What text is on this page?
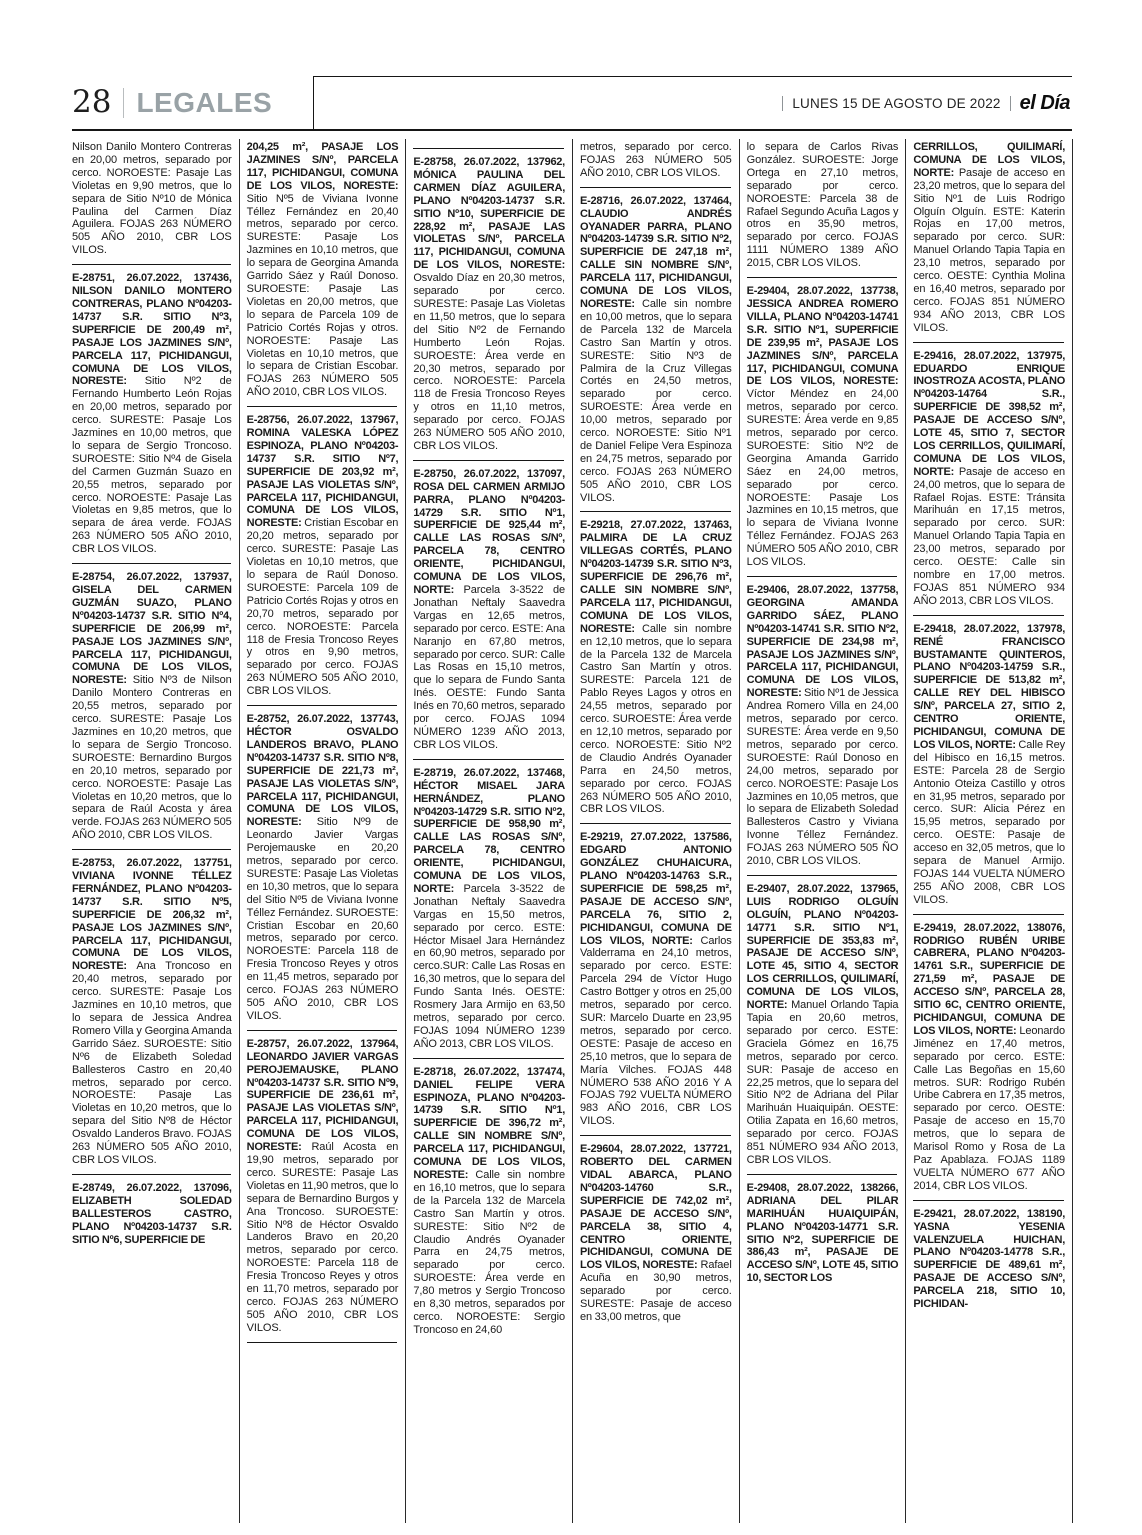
28 LEGALES	LUNES 15 DE AGOSTO DE 2022 el Día

Nilson Danilo Montero Contreras en 20,00 metros, separado por cerco. NOROESTE: Pasaje Las Violetas en 9,90 metros, que lo separa de Sitio Nº10 de Mónica Paulina del Carmen Díaz Aguilera. FOJAS 263 NÚMERO 505 AÑO 2010, CBR LOS VILOS.

E-28751, 26.07.2022, 137436, NILSON DANILO MONTERO CONTRERAS, PLANO Nº04203-14737 S.R. SITIO Nº3, SUPERFICIE DE 200,49 m², PASAJE LOS JAZMINES S/Nº, PARCELA 117, PICHIDANGUI, COMUNA DE LOS VILOS, NORESTE: Sitio Nº2 de Fernando Humberto León Rojas en 20,00 metros, separado por cerco. SURESTE: Pasaje Los Jazmines en 10,00 metros, que lo separa de Sergio Troncoso. SUROESTE: Sitio Nº4 de Gisela del Carmen Guzmán Suazo en 20,55 metros, separado por cerco. NOROESTE: Pasaje Las Violetas en 9,85 metros, que lo separa de área verde. FOJAS 263 NÚMERO 505 AÑO 2010, CBR LOS VILOS.

E-28754, 26.07.2022, 137937, GISELA DEL CARMEN GUZMÁN SUAZO, PLANO Nº04203-14737 S.R. SITIO Nº4, SUPERFICIE DE 206,99 m², PASAJE LOS JAZMINES S/Nº, PARCELA 117, PICHIDANGUI, COMUNA DE LOS VILOS, NORESTE: Sitio Nº3 de Nilson Danilo Montero Contreras en 20,55 metros, separado por cerco. SURESTE: Pasaje Los Jazmines en 10,20 metros, que lo separa de Sergio Troncoso. SUROESTE: Bernardino Burgos en 20,10 metros, separado por cerco. NOROESTE: Pasaje Las Violetas en 10,20 metros, que lo separa de Raúl Acosta y área verde. FOJAS 263 NÚMERO 505 AÑO 2010, CBR LOS VILOS.

E-28753, 26.07.2022, 137751, VIVIANA IVONNE TÉLLEZ FERNÁNDEZ, PLANO Nº04203-14737 S.R. SITIO Nº5, SUPERFICIE DE 206,32 m², PASAJE LOS JAZMINES S/Nº, PARCELA 117, PICHIDANGUI, COMUNA DE LOS VILOS, NORESTE: Ana Troncoso en 20,40 metros, separado por cerco. SURESTE: Pasaje Los Jazmines en 10,10 metros, que lo separa de Jessica Andrea Romero Villa y Georgina Amanda Garrido Sáez. SUROESTE: Sitio Nº6 de Elizabeth Soledad Ballesteros Castro en 20,40 metros, separado por cerco. NOROESTE: Pasaje Las Violetas en 10,20 metros, que lo separa del Sitio Nº8 de Héctor Osvaldo Landeros Bravo. FOJAS 263 NÚMERO 505 AÑO 2010, CBR LOS VILOS.

E-28749, 26.07.2022, 137096, ELIZABETH SOLEDAD BALLESTEROS CASTRO, PLANO Nº04203-14737 S.R. SITIO Nº6, SUPERFICIE DE

204,25 m², PASAJE LOS JAZMINES S/Nº, PARCELA 117, PICHIDANGUI, COMUNA DE LOS VILOS, NORESTE: Sitio Nº5 de Viviana Ivonne Téllez Fernández en 20,40 metros, separado por cerco. SURESTE: Pasaje Los Jazmines en 10,10 metros, que lo separa de Georgina Amanda Garrido Sáez y Raúl Donoso. SUROESTE: Pasaje Las Violetas en 20,00 metros, que lo separa de Parcela 109 de Patricio Cortés Rojas y otros. NOROESTE: Pasaje Las Violetas en 10,10 metros, que lo separa de Cristian Escobar. FOJAS 263 NÚMERO 505 AÑO 2010, CBR LOS VILOS.

E-28756, 26.07.2022, 137967, ROMINA VALESKA LÓPEZ ESPINOZA, PLANO Nº04203-14737 S.R. SITIO Nº7, SUPERFICIE DE 203,92 m², PASAJE LAS VIOLETAS S/Nº, PARCELA 117, PICHIDANGUI, COMUNA DE LOS VILOS, NORESTE: Cristian Escobar en 20,20 metros, separado por cerco. SURESTE: Pasaje Las Violetas en 10,10 metros, que lo separa de Raúl Donoso. SUROESTE: Parcela 109 de Patricio Cortés Rojas y otros en 20,70 metros, separado por cerco. NOROESTE: Parcela 118 de Fresia Troncoso Reyes y otros en 9,90 metros, separado por cerco. FOJAS 263 NÚMERO 505 AÑO 2010, CBR LOS VILOS.

E-28752, 26.07.2022, 137743, HÉCTOR OSVALDO LANDEROS BRAVO, PLANO Nº04203-14737 S.R. SITIO Nº8, SUPERFICIE DE 221,73 m², PASAJE LAS VIOLETAS S/Nº, PARCELA 117, PICHIDANGUI, COMUNA DE LOS VILOS, NORESTE: Sitio Nº9 de Leonardo Javier Vargas Perojemauske en 20,20 metros, separado por cerco. SURESTE: Pasaje Las Violetas en 10,30 metros, que lo separa del Sitio Nº5 de Viviana Ivonne Téllez Fernández. SUROESTE: Cristian Escobar en 20,60 metros, separado por cerco. NOROESTE: Parcela 118 de Fresia Troncoso Reyes y otros en 11,45 metros, separado por cerco. FOJAS 263 NÚMERO 505 AÑO 2010, CBR LOS VILOS.

E-28757, 26.07.2022, 137964, LEONARDO JAVIER VARGAS PEROJEMAUSKE, PLANO Nº04203-14737 S.R. SITIO Nº9, SUPERFICIE DE 236,61 m², PASAJE LAS VIOLETAS S/Nº, PARCELA 117, PICHIDANGUI, COMUNA DE LOS VILOS, NORESTE: Raúl Acosta en 19,90 metros, separado por cerco. SURESTE: Pasaje Las Violetas en 11,90 metros, que lo separa de Bernardino Burgos y Ana Troncoso. SUROESTE: Sitio Nº8 de Héctor Osvaldo Landeros Bravo en 20,20 metros, separado por cerco. NOROESTE: Parcela 118 de Fresia Troncoso Reyes y otros en 11,70 metros, separado por cerco. FOJAS 263 NÚMERO 505 AÑO 2010, CBR LOS VILOS.

E-28758, 26.07.2022, 137962, MÓNICA PAULINA DEL CARMEN DÍAZ AGUILERA, PLANO Nº04203-14737 S.R. SITIO Nº10, SUPERFICIE DE 228,92 m², PASAJE LAS VIOLETAS S/Nº, PARCELA 117, PICHIDANGUI, COMUNA DE LOS VILOS, NORESTE: Osvaldo Díaz en 20,30 metros, separado por cerco. SURESTE: Pasaje Las Violetas en 11,50 metros, que lo separa del Sitio Nº2 de Fernando Humberto León Rojas. SUROESTE: Área verde en 20,30 metros, separado por cerco. NOROESTE: Parcela 118 de Fresia Troncoso Reyes y otros en 11,10 metros, separado por cerco. FOJAS 263 NÚMERO 505 AÑO 2010, CBR LOS VILOS.

E-28750, 26.07.2022, 137097, ROSA DEL CARMEN ARMIJO PARRA, PLANO Nº04203-14729 S.R. SITIO Nº1, SUPERFICIE DE 925,44 m², CALLE LAS ROSAS S/Nº, PARCELA 78, CENTRO ORIENTE, PICHIDANGUI, COMUNA DE LOS VILOS, NORTE: Parcela 3-3522 de Jonathan Neftaly Saavedra Vargas en 12,65 metros, separado por cerco. ESTE: Ana Naranjo en 67,80 metros, separado por cerco. SUR: Calle Las Rosas en 15,10 metros, que lo separa de Fundo Santa Inés. OESTE: Fundo Santa Inés en 70,60 metros, separado por cerco. FOJAS 1094 NÚMERO 1239 AÑO 2013, CBR LOS VILOS.

E-28719, 26.07.2022, 137468, HÉCTOR MISAEL JARA HERNÁNDEZ, PLANO Nº04203-14729 S.R. SITIO Nº2, SUPERFICIE DE 958,90 m², CALLE LAS ROSAS S/Nº, PARCELA 78, CENTRO ORIENTE, PICHIDANGUI, COMUNA DE LOS VILOS, NORTE: Parcela 3-3522 de Jonathan Neftaly Saavedra Vargas en 15,50 metros, separado por cerco. ESTE: Héctor Misael Jara Hernández en 60,90 metros, separado por cerco.SUR: Calle Las Rosas en 16,30 metros, que lo separa del Fundo Santa Inés. OESTE: Rosmery Jara Armijo en 63,50 metros, separado por cerco. FOJAS 1094 NÚMERO 1239 AÑO 2013, CBR LOS VILOS.

E-28718, 26.07.2022, 137474, DANIEL FELIPE VERA ESPINOZA, PLANO Nº04203-14739 S.R. SITIO Nº1, SUPERFICIE DE 396,72 m², CALLE SIN NOMBRE S/Nº, PARCELA 117, PICHIDANGUI, COMUNA DE LOS VILOS, NORESTE: Calle sin nombre en 16,10 metros, que lo separa de la Parcela 132 de Marcela Castro San Martín y otros. SURESTE: Sitio Nº2 de Claudio Andrés Oyanader Parra en 24,75 metros, separado por cerco. SUROESTE: Área verde en 7,80 metros y Sergio Troncoso en 8,30 metros, separados por cerco. NOROESTE: Sergio Troncoso en 24,60

metros, separado por cerco. FOJAS 263 NÚMERO 505 AÑO 2010, CBR LOS VILOS.

E-28716, 26.07.2022, 137464, CLAUDIO ANDRÉS OYANADER PARRA, PLANO Nº04203-14739 S.R. SITIO Nº2, SUPERFICIE DE 247,18 m², CALLE SIN NOMBRE S/Nº, PARCELA 117, PICHIDANGUI, COMUNA DE LOS VILOS, NORESTE: Calle sin nombre en 10,00 metros, que lo separa de Parcela 132 de Marcela Castro San Martín y otros. SURESTE: Sitio Nº3 de Palmira de la Cruz Villegas Cortés en 24,50 metros, separado por cerco. SUROESTE: Área verde en 10,00 metros, separado por cerco. NOROESTE: Sitio Nº1 de Daniel Felipe Vera Espinoza en 24,75 metros, separado por cerco. FOJAS 263 NÚMERO 505 AÑO 2010, CBR LOS VILOS.

E-29218, 27.07.2022, 137463, PALMIRA DE LA CRUZ VILLEGAS CORTÉS, PLANO Nº04203-14739 S.R. SITIO Nº3, SUPERFICIE DE 296,76 m², CALLE SIN NOMBRE S/Nº, PARCELA 117, PICHIDANGUI, COMUNA DE LOS VILOS, NORESTE: Calle sin nombre en 12,10 metros, que lo separa de la Parcela 132 de Marcela Castro San Martín y otros. SURESTE: Parcela 121 de Pablo Reyes Lagos y otros en 24,55 metros, separado por cerco. SUROESTE: Área verde en 12,10 metros, separado por cerco. NOROESTE: Sitio Nº2 de Claudio Andrés Oyanader Parra en 24,50 metros, separado por cerco. FOJAS 263 NÚMERO 505 AÑO 2010, CBR LOS VILOS.

E-29219, 27.07.2022, 137586, EDGARD ANTONIO GONZÁLEZ CHUHAICURA, PLANO Nº04203-14763 S.R., SUPERFICIE DE 598,25 m², PASAJE DE ACCESO S/Nº, PARCELA 76, SITIO 2, PICHIDANGUI, COMUNA DE LOS VILOS, NORTE: Carlos Valderrama en 24,10 metros, separado por cerco. ESTE: Parcela 294 de Víctor Hugo Castro Bottger y otros en 25,00 metros, separado por cerco. SUR: Marcelo Duarte en 23,95 metros, separado por cerco. OESTE: Pasaje de acceso en 25,10 metros, que lo separa de María Vilches. FOJAS 448 NÚMERO 538 AÑO 2016 Y A FOJAS 792 VUELTA NÚMERO 983 AÑO 2016, CBR LOS VILOS.

E-29604, 28.07.2022, 137721, ROBERTO DEL CARMEN VIDAL ABARCA, PLANO Nº04203-14760 S.R., SUPERFICIE DE 742,02 m², PASAJE DE ACCESO S/Nº, PARCELA 38, SITIO 4, CENTRO ORIENTE, PICHIDANGUI, COMUNA DE LOS VILOS, NORESTE: Rafael Acuña en 30,90 metros, separado por cerco. SURESTE: Pasaje de acceso en 33,00 metros, que

lo separa de Carlos Rivas González. SUROESTE: Jorge Ortega en 27,10 metros, separado por cerco. NOROESTE: Parcela 38 de Rafael Segundo Acuña Lagos y otros en 35,90 metros, separado por cerco. FOJAS 1111 NÚMERO 1389 AÑO 2015, CBR LOS VILOS.

E-29404, 28.07.2022, 137738, JESSICA ANDREA ROMERO VILLA, PLANO Nº04203-14741 S.R. SITIO Nº1, SUPERFICIE DE 239,95 m², PASAJE LOS JAZMINES S/Nº, PARCELA 117, PICHIDANGUI, COMUNA DE LOS VILOS, NORESTE: Víctor Méndez en 24,00 metros, separado por cerco. SURESTE: Área verde en 9,85 metros, separado por cerco. SUROESTE: Sitio Nº2 de Georgina Amanda Garrido Sáez en 24,00 metros, separado por cerco. NOROESTE: Pasaje Los Jazmines en 10,15 metros, que lo separa de Viviana Ivonne Téllez Fernández. FOJAS 263 NÚMERO 505 AÑO 2010, CBR LOS VILOS.

E-29406, 28.07.2022, 137758, GEORGINA AMANDA GARRIDO SÁEZ, PLANO Nº04203-14741 S.R. SITIO Nº2, SUPERFICIE DE 234,98 m², PASAJE LOS JAZMINES S/Nº, PARCELA 117, PICHIDANGUI, COMUNA DE LOS VILOS, NORESTE: Sitio Nº1 de Jessica Andrea Romero Villa en 24,00 metros, separado por cerco. SURESTE: Área verde en 9,50 metros, separado por cerco. SUROESTE: Raúl Donoso en 24,00 metros, separado por cerco. NOROESTE: Pasaje Los Jazmines en 10,05 metros, que lo separa de Elizabeth Soledad Ballesteros Castro y Viviana Ivonne Téllez Fernández. FOJAS 263 NÚMERO 505 ÑO 2010, CBR LOS VILOS.

E-29407, 28.07.2022, 137965, LUIS RODRIGO OLGUÍN OLGUÍN, PLANO Nº04203-14771 S.R. SITIO Nº1, SUPERFICIE DE 353,83 m², PASAJE DE ACCESO S/Nº, LOTE 45, SITIO 4, SECTOR LOS CERRILLOS, QUILIMARÍ, COMUNA DE LOS VILOS, NORTE: Manuel Orlando Tapia Tapia en 20,60 metros, separado por cerco. ESTE: Graciela Gómez en 16,75 metros, separado por cerco. SUR: Pasaje de acceso en 22,25 metros, que lo separa del Sitio Nº2 de Adriana del Pilar Marihuán Huaiquipán. OESTE: Otilia Zapata en 16,60 metros, separado por cerco. FOJAS 851 NÚMERO 934 AÑO 2013, CBR LOS VILOS.

E-29408, 28.07.2022, 138266, ADRIANA DEL PILAR MARIHUÁN HUAIQUIPÁN, PLANO Nº04203-14771 S.R. SITIO Nº2, SUPERFICIE DE 386,43 m², PASAJE DE ACCESO S/Nº, LOTE 45, SITIO 10, SECTOR LOS

CERRILLOS, QUILIMARÍ, COMUNA DE LOS VILOS, NORTE: Pasaje de acceso en 23,20 metros, que lo separa del Sitio Nº1 de Luis Rodrigo Olguín Olguín. ESTE: Katerin Rojas en 17,00 metros, separado por cerco. SUR: Manuel Orlando Tapia Tapia en 23,10 metros, separado por cerco. OESTE: Cynthia Molina en 16,40 metros, separado por cerco. FOJAS 851 NÚMERO 934 AÑO 2013, CBR LOS VILOS.

E-29416, 28.07.2022, 137975, EDUARDO ENRIQUE INOSTROZA ACOSTA, PLANO Nº04203-14764 S.R., SUPERFICIE DE 398,52 m², PASAJE DE ACCESO S/Nº, LOTE 45, SITIO 7, SECTOR LOS CERRILLOS, QUILIMARÍ, COMUNA DE LOS VILOS, NORTE: Pasaje de acceso en 24,00 metros, que lo separa de Rafael Rojas. ESTE: Tránsita Marihuán en 17,15 metros, separado por cerco. SUR: Manuel Orlando Tapia Tapia en 23,00 metros, separado por cerco. OESTE: Calle sin nombre en 17,00 metros. FOJAS 851 NÚMERO 934 AÑO 2013, CBR LOS VILOS.

E-29418, 28.07.2022, 137978, RENÉ FRANCISCO BUSTAMANTE QUINTEROS, PLANO Nº04203-14759 S.R., SUPERFICIE DE 513,82 m², CALLE REY DEL HIBISCO S/Nº, PARCELA 27, SITIO 2, CENTRO ORIENTE, PICHIDANGUI, COMUNA DE LOS VILOS, NORTE: Calle Rey del Hibisco en 16,15 metros. ESTE: Parcela 28 de Sergio Antonio Oteiza Castillo y otros en 31,95 metros, separado por cerco. SUR: Alicia Pérez en 15,95 metros, separado por cerco. OESTE: Pasaje de acceso en 32,05 metros, que lo separa de Manuel Armijo. FOJAS 144 VUELTA NÚMERO 255 AÑO 2008, CBR LOS VILOS.

E-29419, 28.07.2022, 138076, RODRIGO RUBÉN URIBE CABRERA, PLANO Nº04203-14761 S.R., SUPERFICIE DE 271,59 m², PASAJE DE ACCESO S/Nº, PARCELA 28, SITIO 6C, CENTRO ORIENTE, PICHIDANGUI, COMUNA DE LOS VILOS, NORTE: Leonardo Jiménez en 17,40 metros, separado por cerco. ESTE: Calle Las Begoñas en 15,60 metros. SUR: Rodrigo Rubén Uribe Cabrera en 17,35 metros, separado por cerco. OESTE: Pasaje de acceso en 15,70 metros, que lo separa de Marisol Romo y Rosa de La Paz Apablaza. FOJAS 1189 VUELTA NÚMERO 677 AÑO 2014, CBR LOS VILOS.

E-29421, 28.07.2022, 138190, YASNA YESENIA VALENZUELA HUICHAN, PLANO Nº04203-14778 S.R., SUPERFICIE DE 489,61 m², PASAJE DE ACCESO S/Nº, PARCELA 218, SITIO 10, PICHIDAN-
